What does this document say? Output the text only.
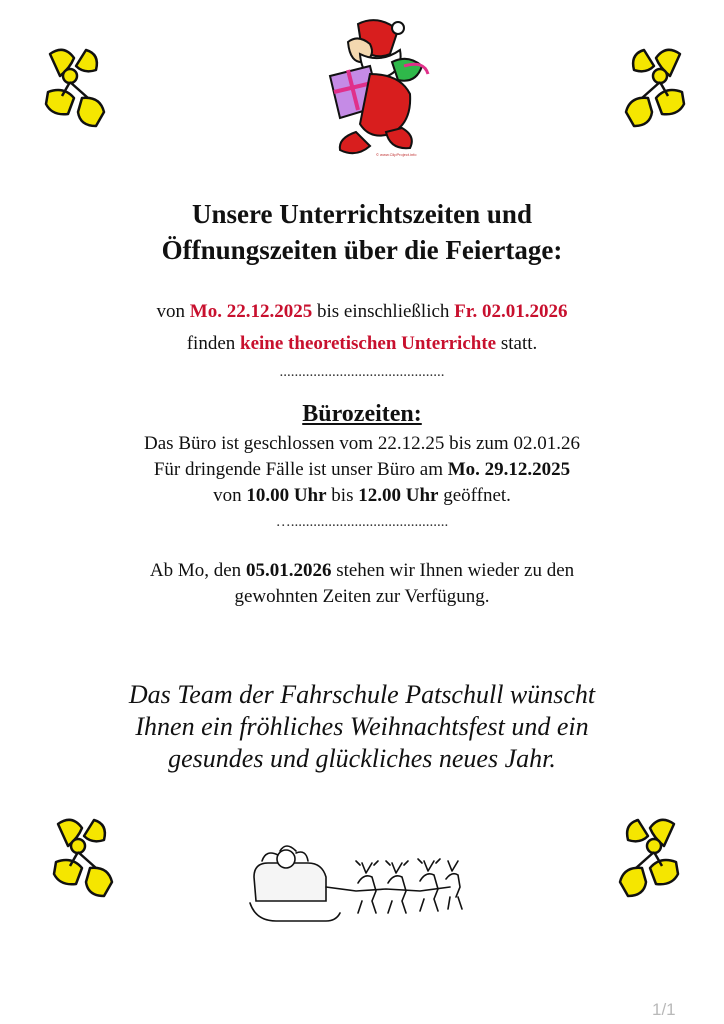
© www.ClipProject.info
Unsere Unterrichtszeiten und
Öffnungszeiten über die Feiertage:
von Mo. 22.12.2025 bis einschließlich Fr. 02.01.2026
finden keine theoretischen Unterrichte statt.
............................................
Bürozeiten:
Das Büro ist geschlossen vom 22.12.25 bis zum 02.01.26
Für dringende Fälle ist unser Büro am Mo. 29.12.2025
von 10.00 Uhr bis 12.00 Uhr geöffnet.
…..........................................
Ab Mo, den 05.01.2026 stehen wir Ihnen wieder zu den
gewohnten Zeiten zur Verfügung.
Das Team der Fahrschule Patschull wünscht
Ihnen ein fröhliches Weihnachtsfest und ein
gesundes und glückliches neues Jahr.
1/1
